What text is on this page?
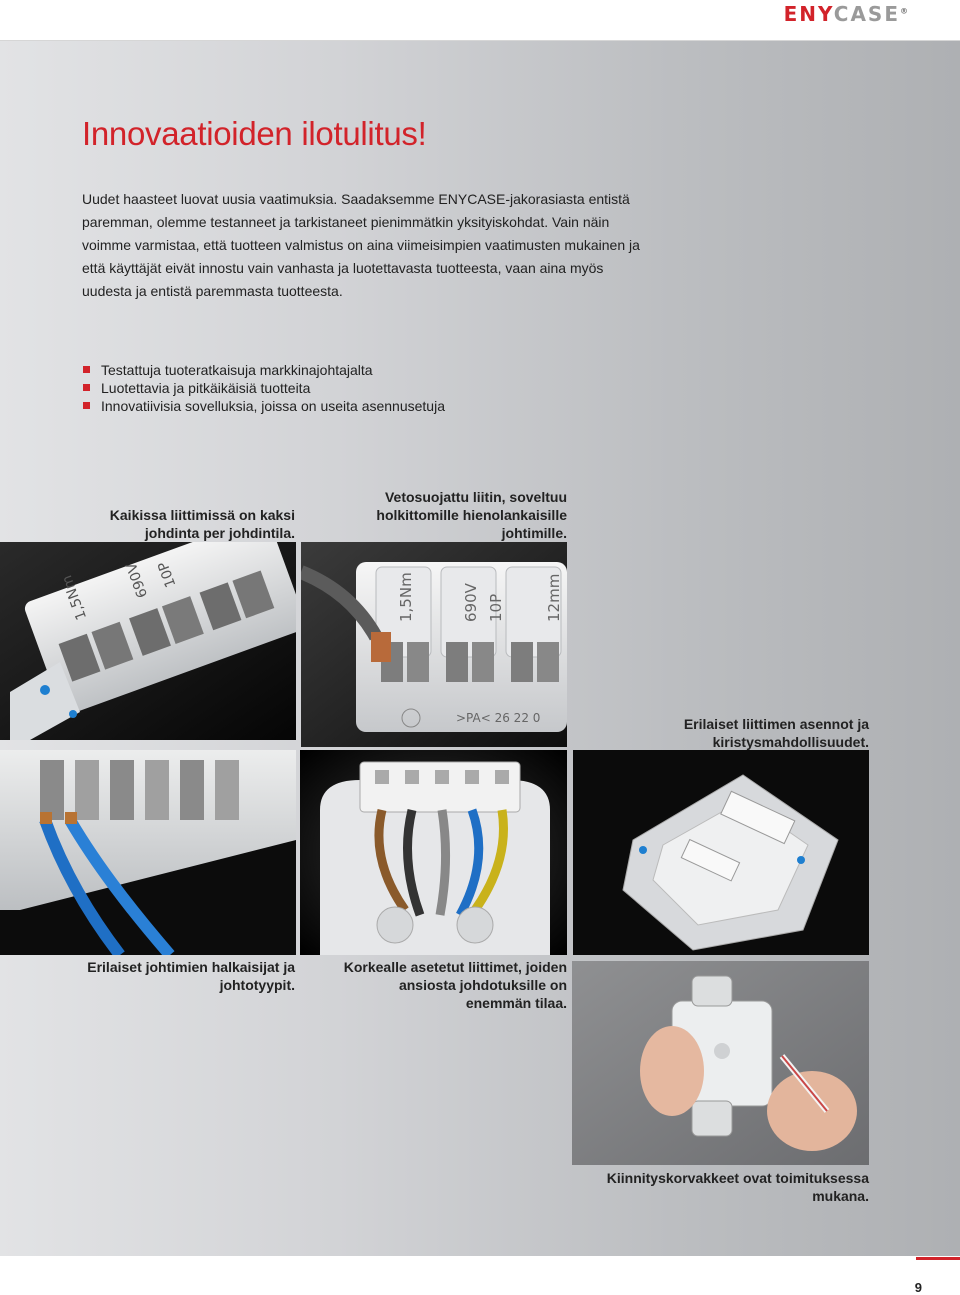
ENYCASE®
Innovaatioiden ilotulitus!

Uudet haasteet luovat uusia vaatimuksia. Saadaksemme ENYCASE-jakorasiasta entistä paremman, olemme testanneet ja tarkistaneet pienimmätkin yksityiskohdat. Vain näin voimme varmistaa, että tuotteen valmistus on aina viimeisimpien vaatimusten mukainen ja että käyttäjät eivät innostu vain vanhasta ja luotettavasta tuotteesta, vaan aina myös uudesta ja entistä paremmasta tuotteesta.

Testattuja tuoteratkaisuja markkinajohtajalta
Luotettavia ja pitkäikäisiä tuotteita
Innovatiivisia sovelluksia, joissa on useita asennusetuja

Kaikissa liittimissä on kaksi johdinta per johdintila.

Vetosuojattu liitin, soveltuu holkittomille hienolankaisille johtimille.

Erilaiset liittimen asennot ja kiristysmahdollisuudet.

Erilaiset johtimien halkaisijat ja johtotyypit.

Korkealle asetetut liittimet, joiden ansiosta johdotuksille on enemmän tilaa.

Kiinnityskorvakkeet ovat toimituksessa mukana.

1,5Nm 690V 10P	1,5Nm	690V 10P	12mm
>PA< 26 22 0
9
